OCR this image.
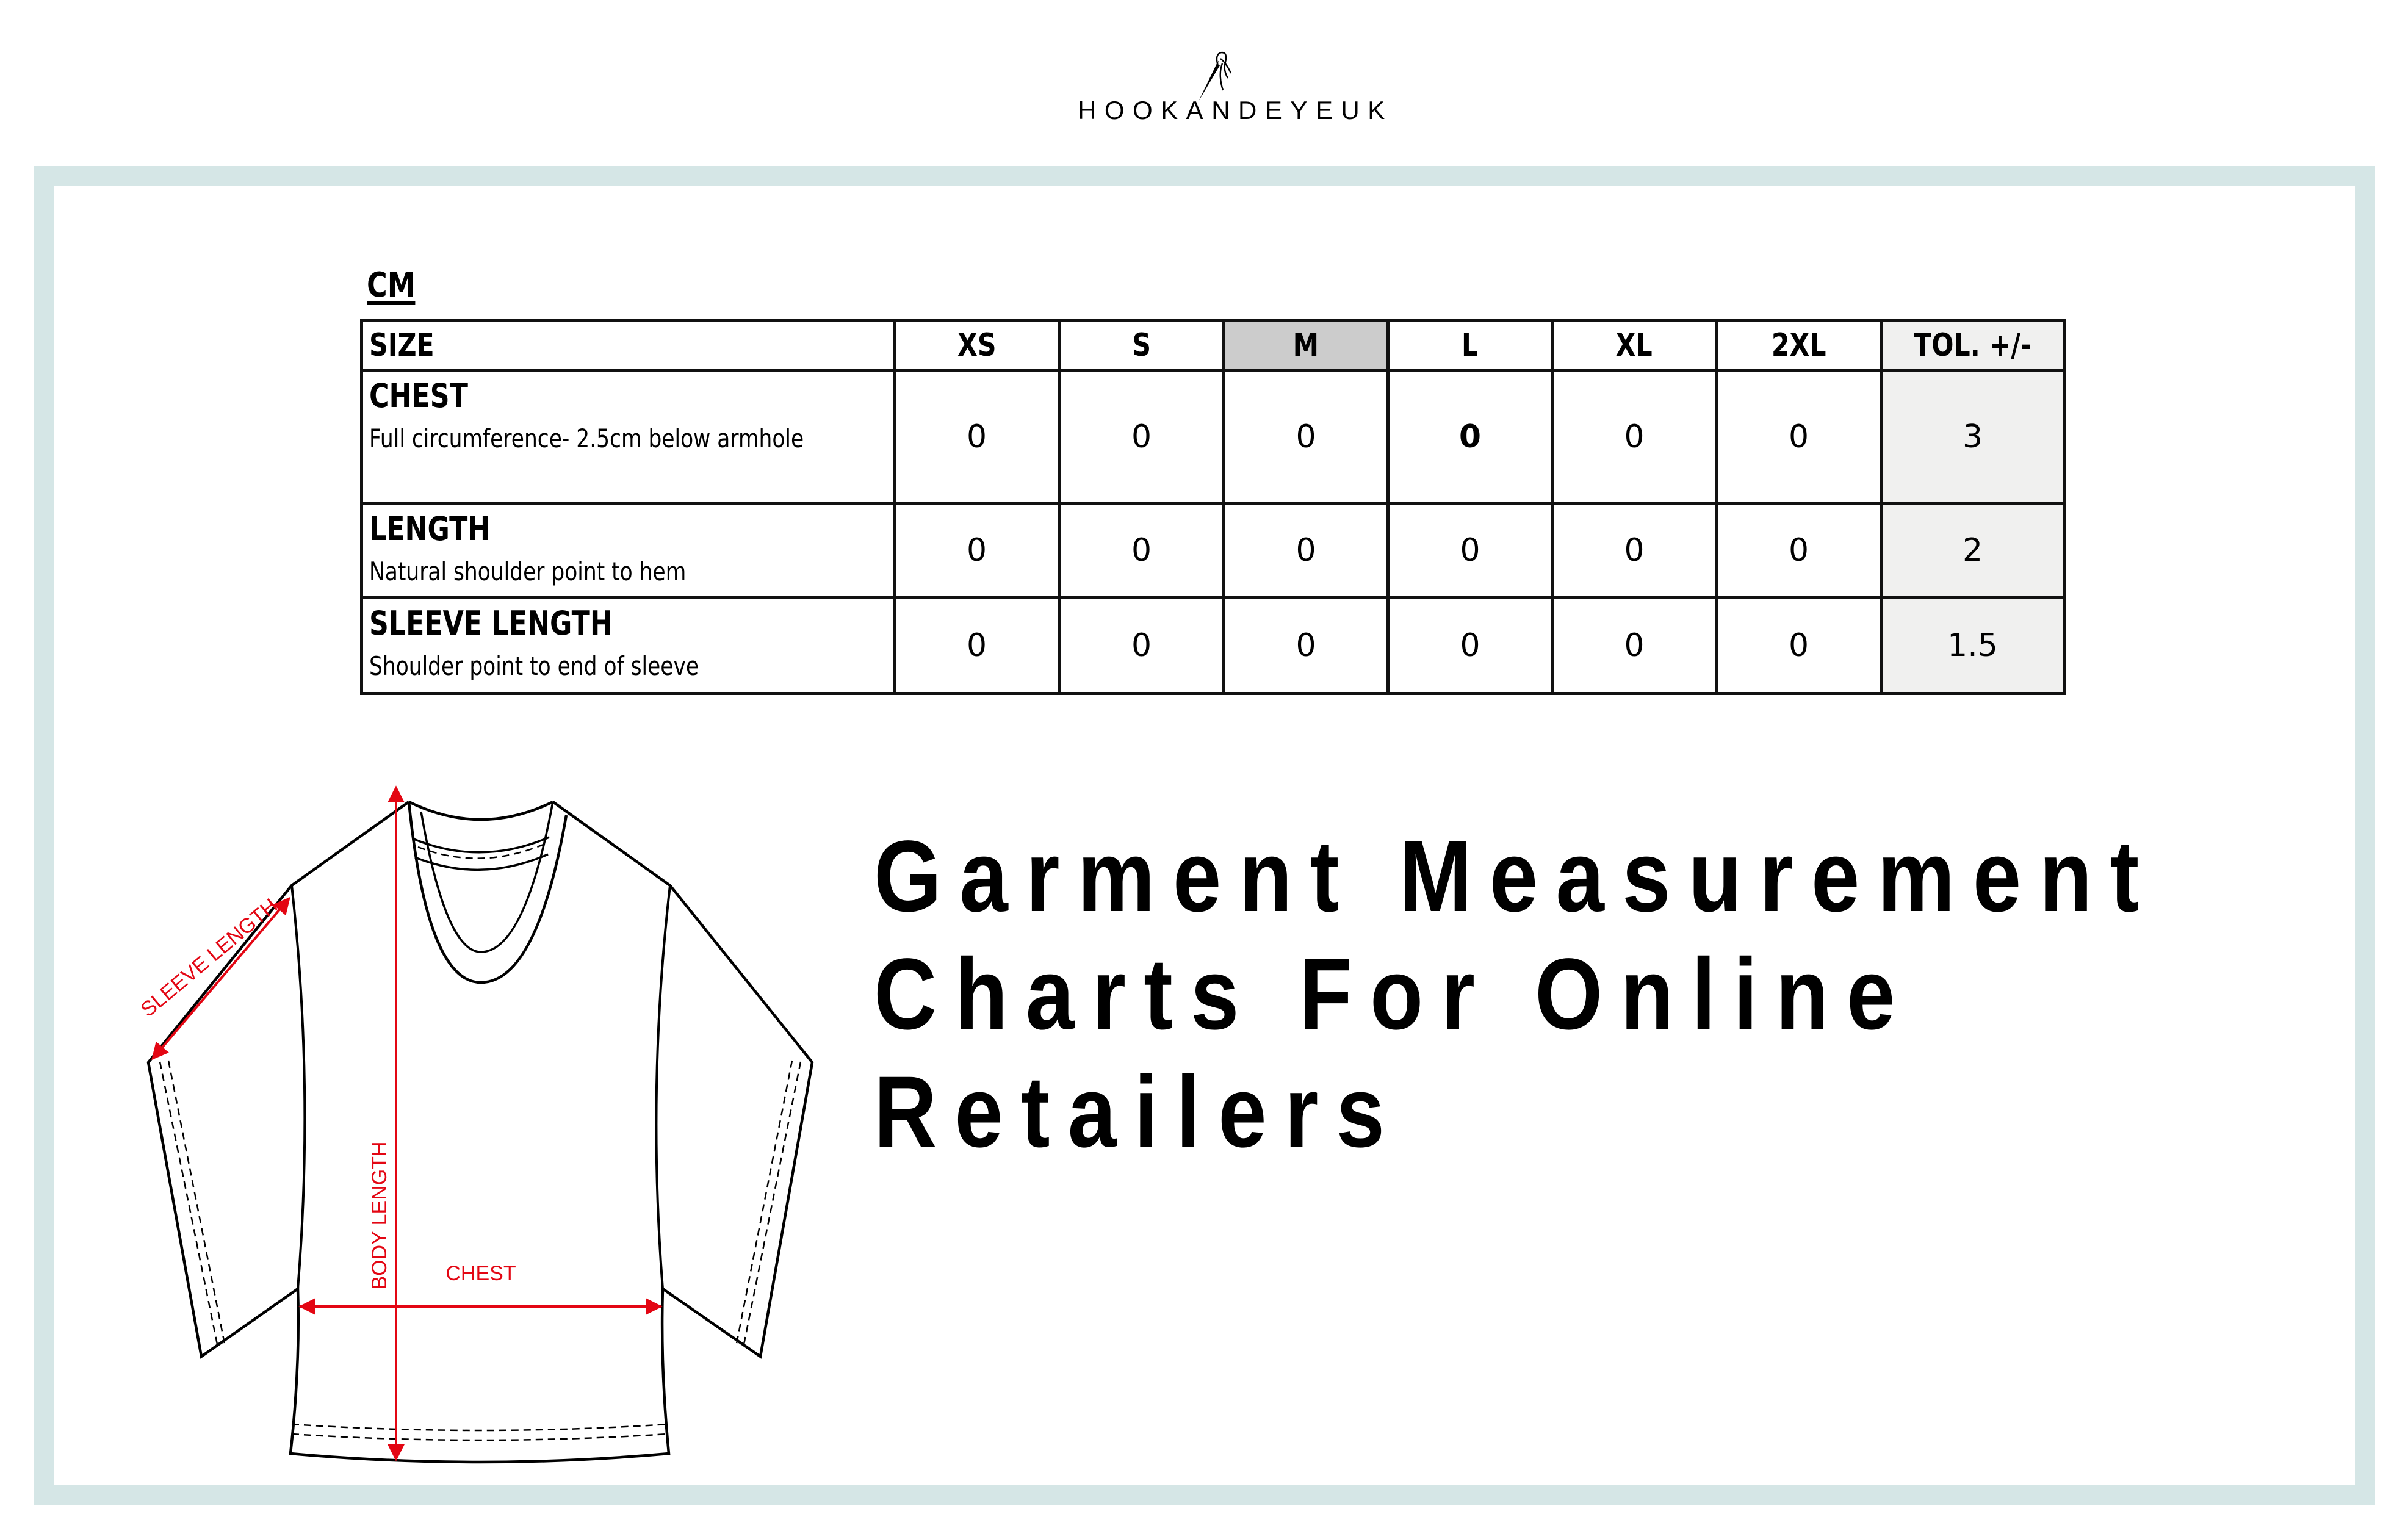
HOOKANDEYEUK
CM
SIZE	XS	S	M	L	XL	2XL	TOL. +/-

CHEST
Full circumference- 2.5cm below armhole	0	0	0	0	0	0	3

LENGTH
Natural shoulder point to hem	0	0	0	0	0	0	2

SLEEVE LENGTH
Shoulder point to end of sleeve	0	0	0	0	0	0	1.5
SLEEVE LENGTH
CHEST
BODY LENGTH
Garment Measurement
Charts For Online
Retailers
